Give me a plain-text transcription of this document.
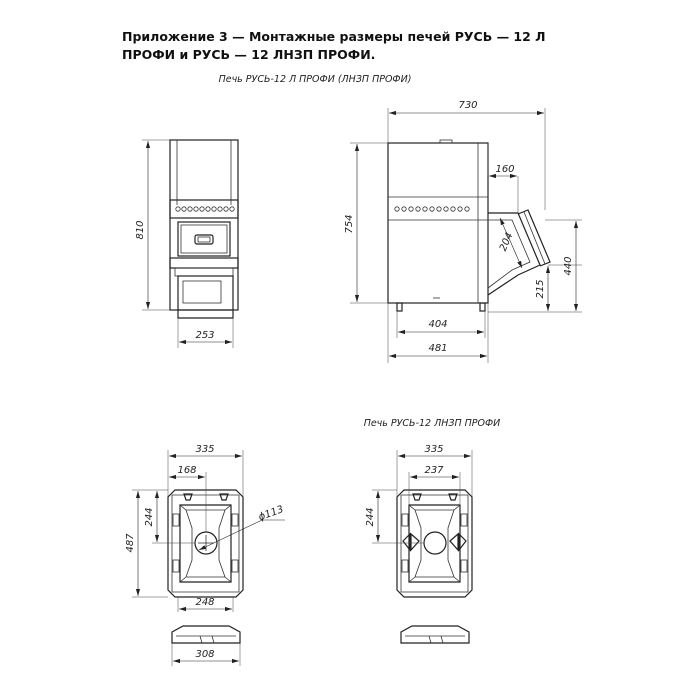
Приложение 3 — Монтажные размеры печей РУСЬ — 12 Л
ПРОФИ и РУСЬ — 12 ЛНЗП ПРОФИ.
Печь РУСЬ-12 Л ПРОФИ (ЛНЗП ПРОФИ)
810
253
730
754
160
204
215
440
404
481
Печь РУСЬ-12 ЛНЗП ПРОФИ
335
168
487
244	ϕ113
248
308
335
237
244
